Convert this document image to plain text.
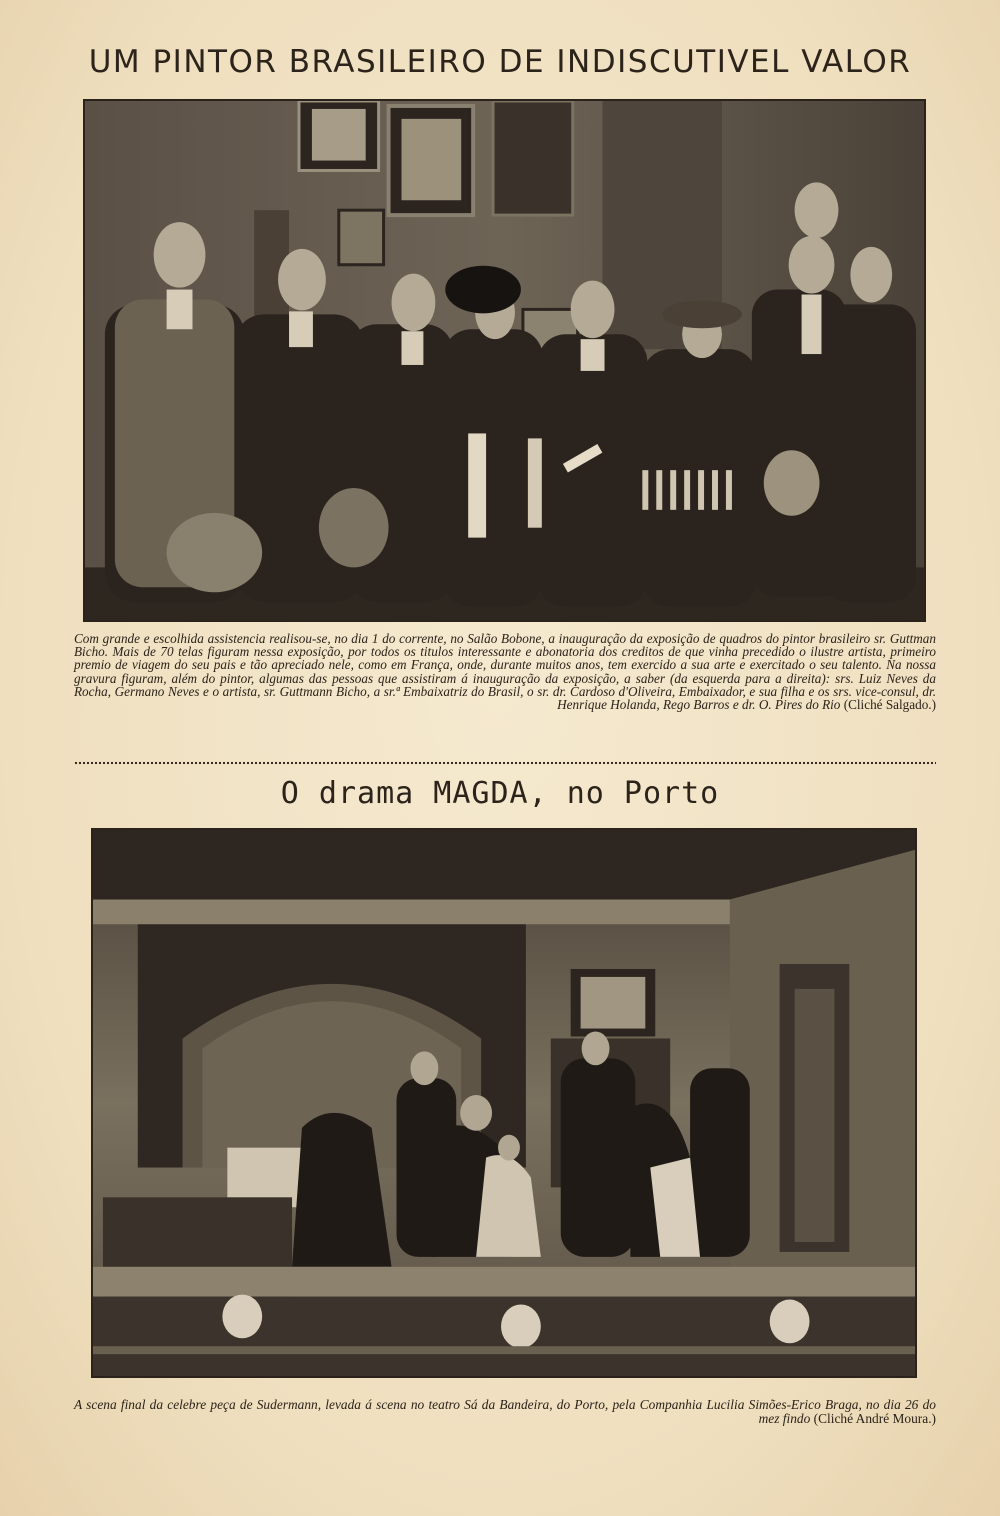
UM PINTOR BRASILEIRO DE INDISCUTIVEL VALOR
Com grande e escolhida assistencia realisou-se, no dia 1 do corrente, no Salão Bobone, a inauguração da exposição de quadros do pintor brasileiro sr. Guttman Bicho. Mais de 70 telas figuram nessa exposição, por todos os titulos interessante e abonatoria dos creditos de que vinha precedido o ilustre artista, primeiro premio de viagem do seu pais e tão apreciado nele, como em França, onde, durante muitos anos, tem exercido a sua arte e exercitado o seu talento. Na nossa gravura figuram, além do pintor, algumas das pessoas que assistiram á inauguração da exposição, a saber (da esquerda para a direita): srs. Luiz Neves da Rocha, Germano Neves e o artista, sr. Guttmann Bicho, a sr.ª Embaixatriz do Brasil, o sr. dr. Cardoso d'Oliveira, Embaixador, e sua filha e os srs. vice-consul, dr. Henrique Holanda, Rego Barros e dr. O. Pires do Rio (Cliché Salgado.)
O drama MAGDA, no Porto
A scena final da celebre peça de Sudermann, levada á scena no teatro Sá da Bandeira, do Porto, pela Companhia Lucilia Simões-Erico Braga, no dia 26 do mez findo (Cliché André Moura.)
